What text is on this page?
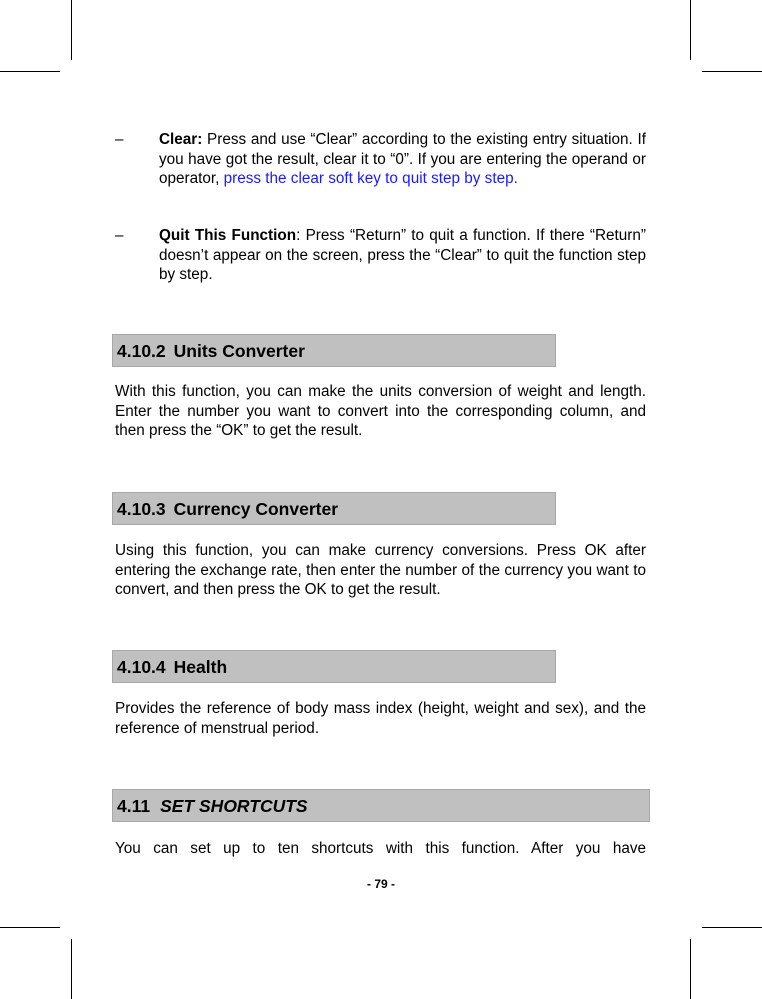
– Clear: Press and use “Clear” according to the existing entry situation. If you have got the result, clear it to “0”. If you are entering the operand or operator, press the clear soft key to quit step by step.
– Quit This Function: Press “Return” to quit a function. If there “Return” doesn’t appear on the screen, press the “Clear” to quit the function step by step.
4.10.2 Units Converter
With this function, you can make the units conversion of weight and length. Enter the number you want to convert into the corresponding column, and then press the “OK” to get the result.
4.10.3 Currency Converter
Using this function, you can make currency conversions. Press OK after entering the exchange rate, then enter the number of the currency you want to convert, and then press the OK to get the result.
4.10.4 Health
Provides the reference of body mass index (height, weight and sex), and the reference of menstrual period.
4.11 SET SHORTCUTS
You can set up to ten shortcuts with this function. After you have
- 79 -
